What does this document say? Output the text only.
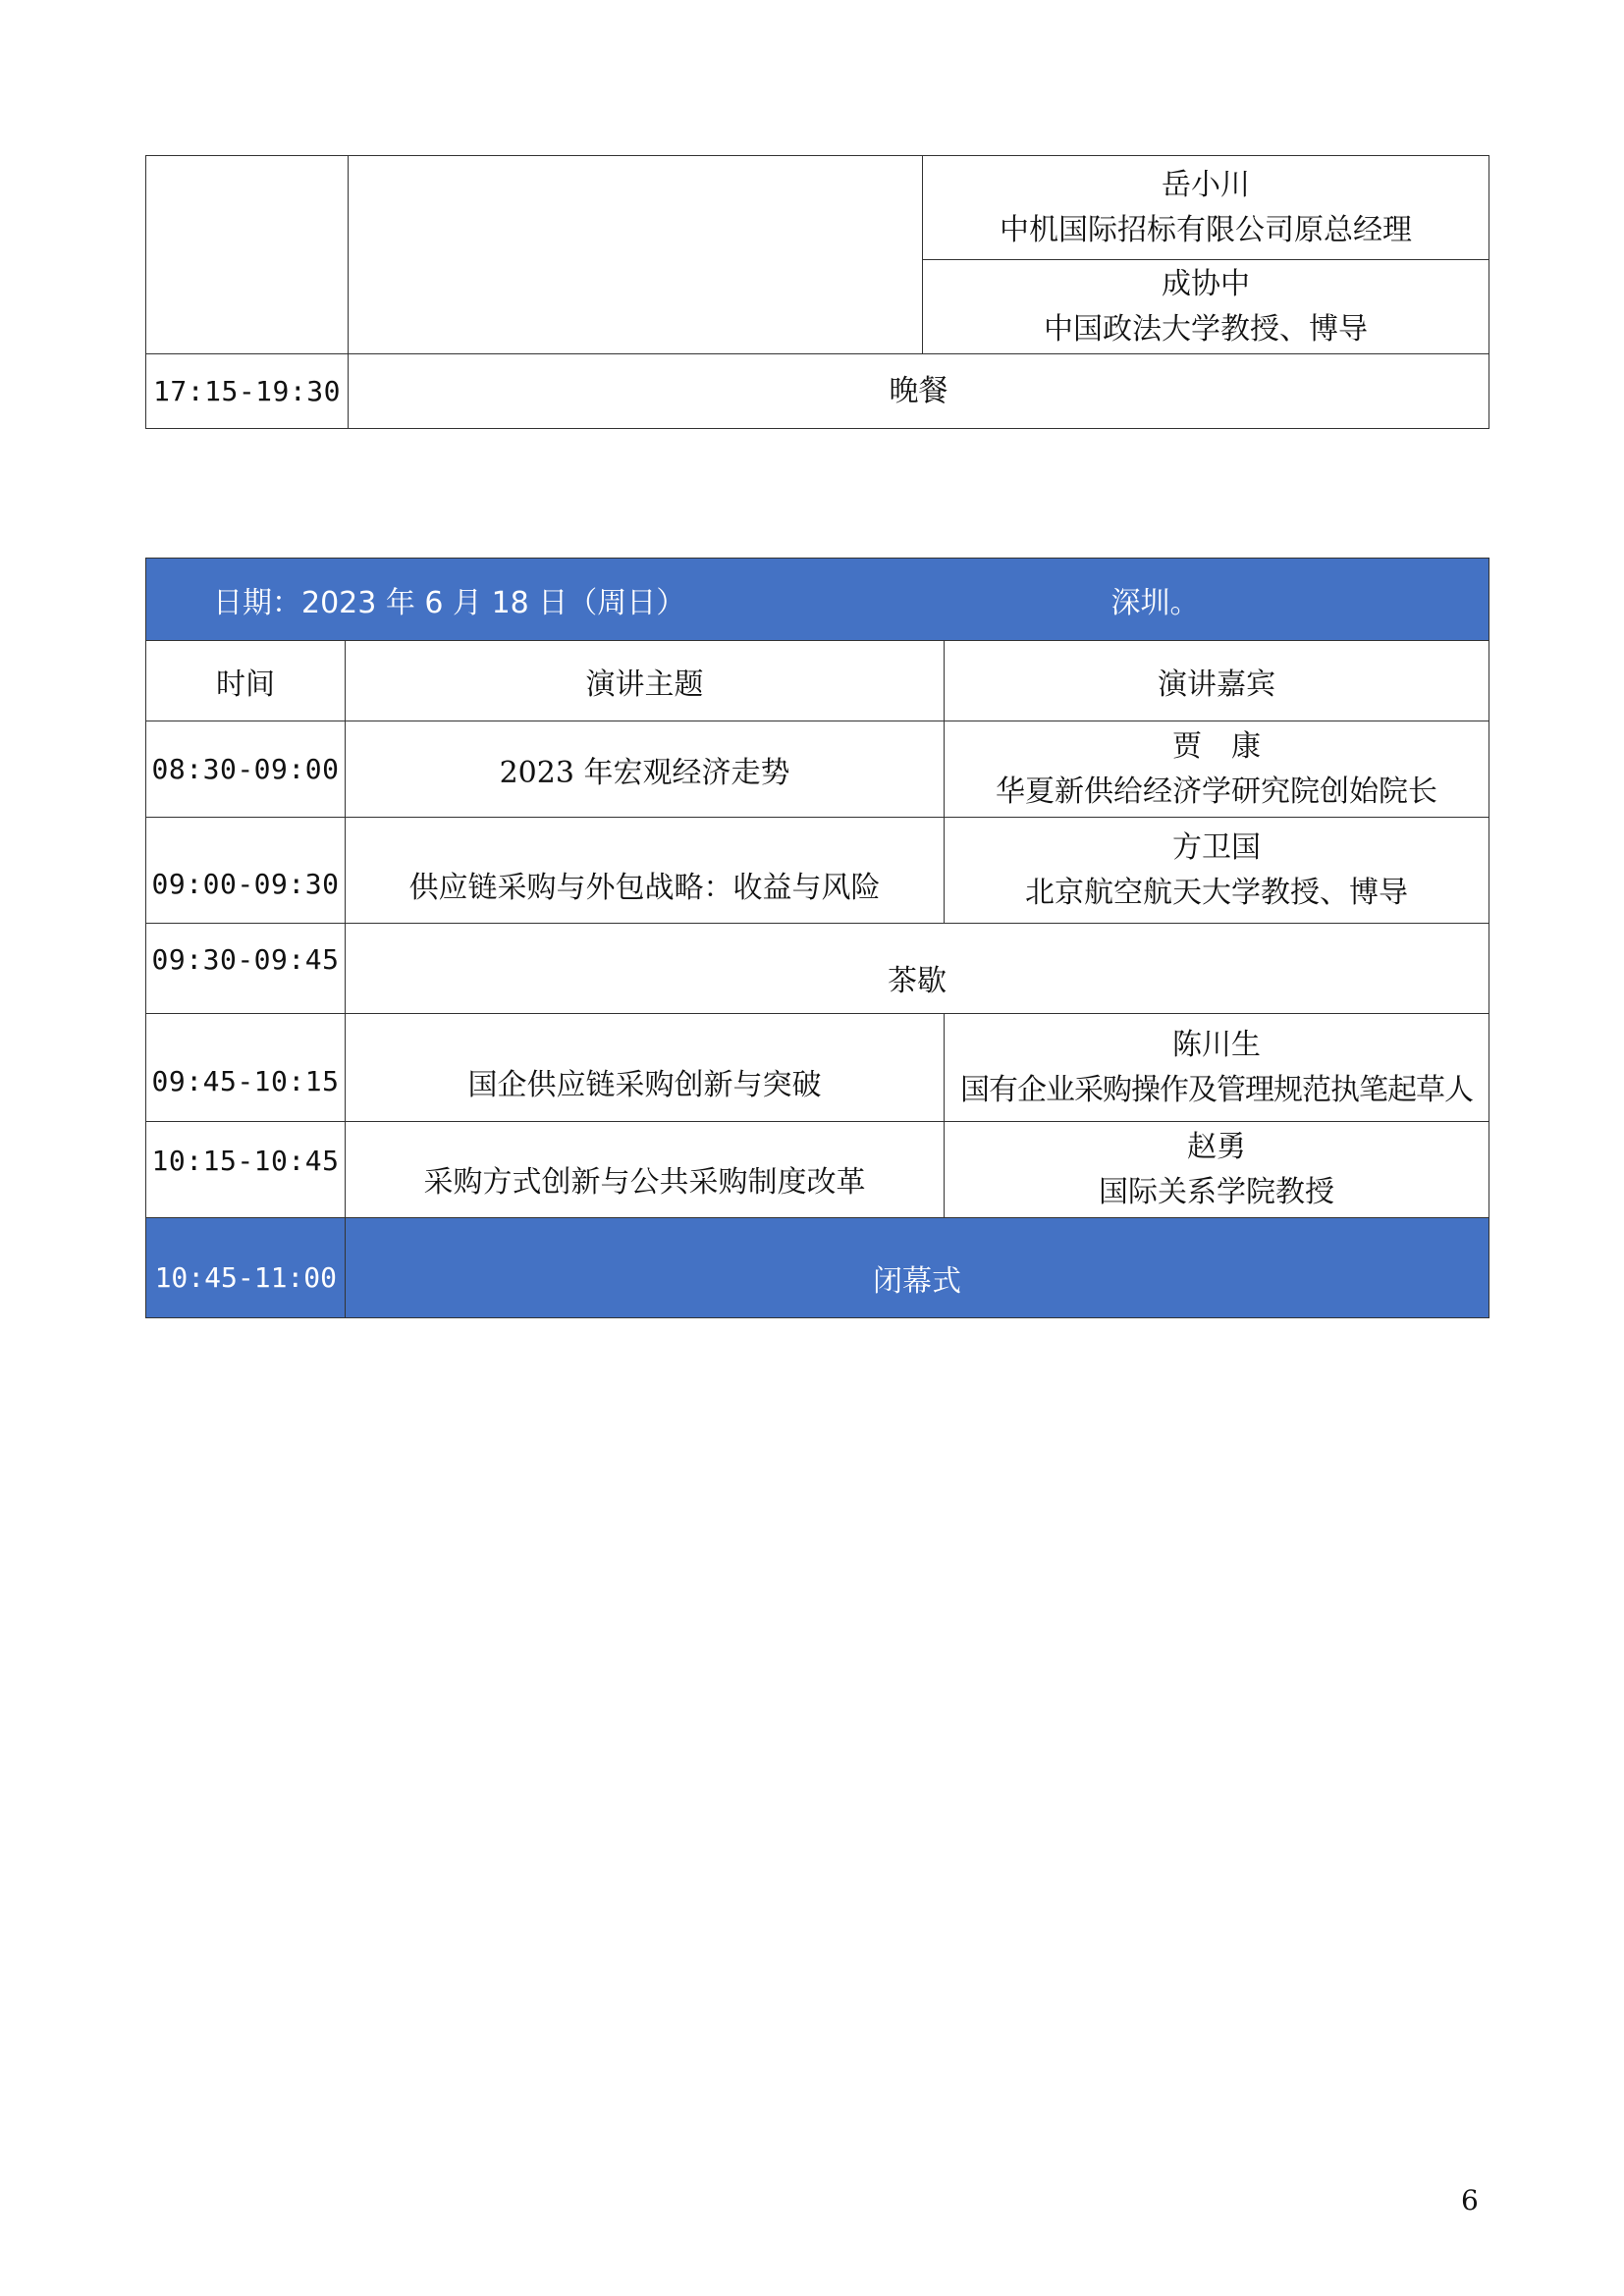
		岳小川
中机国际招标有限公司原总经理

		成协中
中国政法大学教授、博导

17:15-19:30	晚餐	
日期：2023 年 6 月 18 日（周日）		深圳。
时间	演讲主题	演讲嘉宾
08:30-09:00	2023 年宏观经济走势	贾　康
华夏新供给经济学研究院创始院长

09:00-09:30	供应链采购与外包战略：收益与风险	方卫国
北京航空航天大学教授、博导

09:30-09:45	茶歇	
09:45-10:15	国企供应链采购创新与突破	陈川生
国有企业采购操作及管理规范执笔起草人

10:15-10:45	采购方式创新与公共采购制度改革	赵勇
国际关系学院教授

10:45-11:00	闭幕式	
6
